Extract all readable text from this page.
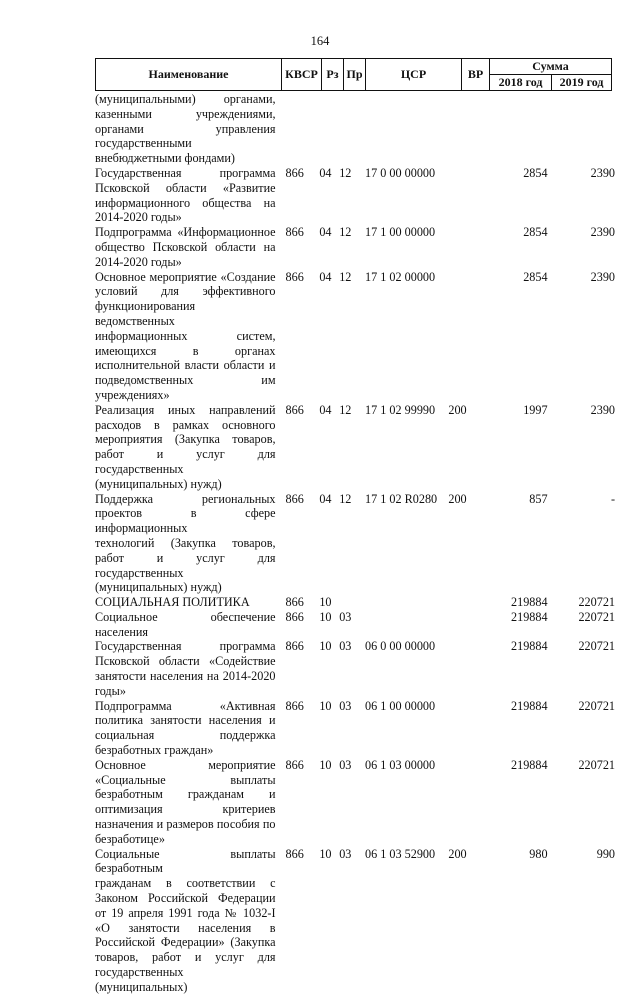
164
Наименование	КВСР	Рз	Пр	ЦСР	ВР	Сумма	
						2018 год	2019 год
(муниципальными) органами,
казенными учреждениями,
органами управления
государственными
внебюджетными фондами)
Государственная программа
Псковской области «Развитие
информационного общества на
2014-2020 годы»
866	04 12	17 0 00 00000	2854	2390
Подпрограмма «Информационное
общество Псковской области на
2014-2020 годы»
866	04 12	17 1 00 00000	2854	2390
Основное мероприятие «Создание
условий для эффективного
функционирования ведомственных
информационных систем,
имеющихся в органах
исполнительной власти области и
подведомственных им
учреждениях»
866	04 12	17 1 02 00000	2854	2390
Реализация иных направлений
расходов в рамках основного
мероприятия (Закупка товаров,
работ и услуг для государственных
(муниципальных) нужд)
866	04 12	17 1 02 99990	200	1997	2390
Поддержка региональных
проектов в сфере информационных
технологий (Закупка товаров,
работ и услуг для государственных
(муниципальных) нужд)
866	04 12	17 1 02 R0280 200	857	-
СОЦИАЛЬНАЯ ПОЛИТИКА	866	10	219884	220721
Социальное обеспечение
населения
866	10 03	219884	220721
Государственная программа
Псковской области «Содействие
занятости населения на 2014-2020
годы»
866	10 03	06 0 00 00000	219884	220721
Подпрограмма «Активная
политика занятости населения и
социальная поддержка
безработных граждан»
866	10 03	06 1 00 00000	219884	220721
Основное мероприятие
«Социальные выплаты
безработным гражданам и
оптимизация критериев
назначения и размеров пособия по
безработице»
866	10 03	06 1 03 00000	219884	220721
Социальные выплаты безработным
гражданам в соответствии с
Законом Российской Федерации
от 19 апреля 1991 года № 1032-I
«О занятости населения в
Российской Федерации» (Закупка
товаров, работ и услуг для
государственных (муниципальных)
866	10 03	06 1 03 52900	200	980	990
